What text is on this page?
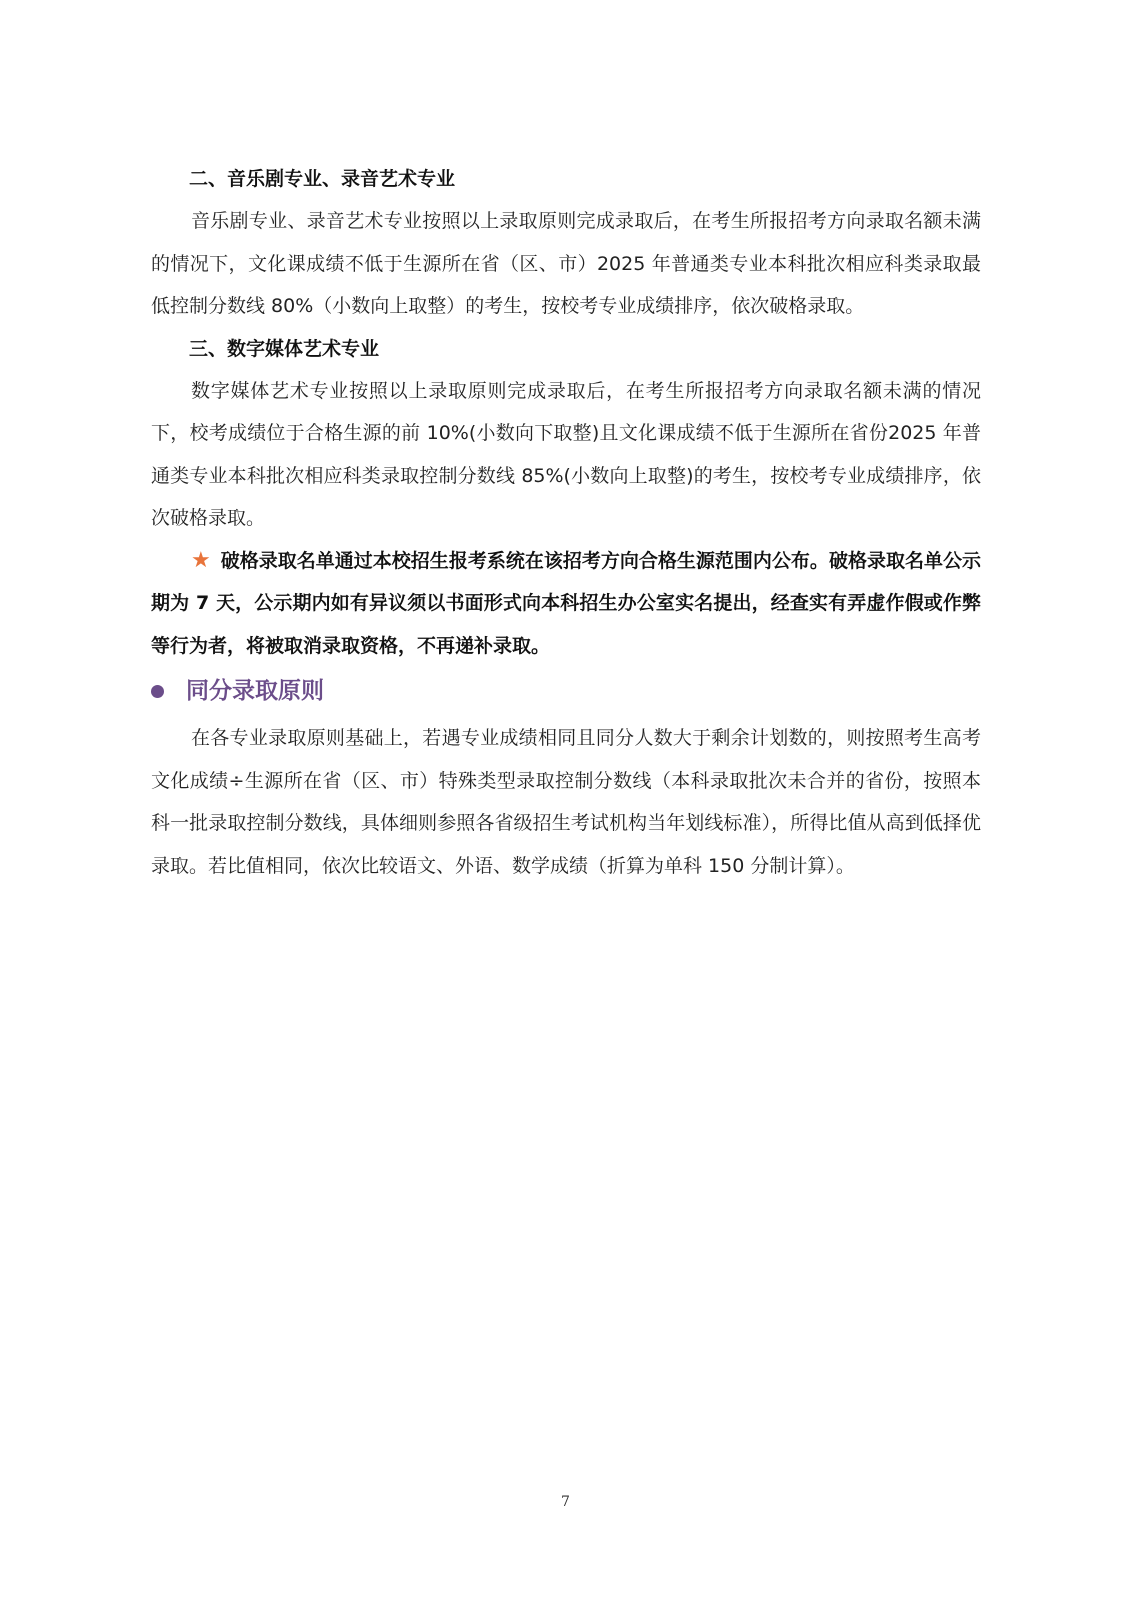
二、音乐剧专业、录音艺术专业

音乐剧专业、录音艺术专业按照以上录取原则完成录取后，在考生所报招考方向录取名额未满的情况下，文化课成绩不低于生源所在省（区、市）2025 年普通类专业本科批次相应科类录取最低控制分数线 80%（小数向上取整）的考生，按校考专业成绩排序，依次破格录取。

三、数字媒体艺术专业

数字媒体艺术专业按照以上录取原则完成录取后，在考生所报招考方向录取名额未满的情况下，校考成绩位于合格生源的前 10%(小数向下取整)且文化课成绩不低于生源所在省份2025 年普通类专业本科批次相应科类录取控制分数线 85%(小数向上取整)的考生，按校考专业成绩排序，依次破格录取。

★ 破格录取名单通过本校招生报考系统在该招考方向合格生源范围内公布。破格录取名单公示期为 7 天，公示期内如有异议须以书面形式向本科招生办公室实名提出，经查实有弄虚作假或作弊等行为者，将被取消录取资格，不再递补录取。

同分录取原则

在各专业录取原则基础上，若遇专业成绩相同且同分人数大于剩余计划数的，则按照考生高考文化成绩÷生源所在省（区、市）特殊类型录取控制分数线（本科录取批次未合并的省份，按照本科一批录取控制分数线，具体细则参照各省级招生考试机构当年划线标准），所得比值从高到低择优录取。若比值相同，依次比较语文、外语、数学成绩（折算为单科 150 分制计算）。

7
